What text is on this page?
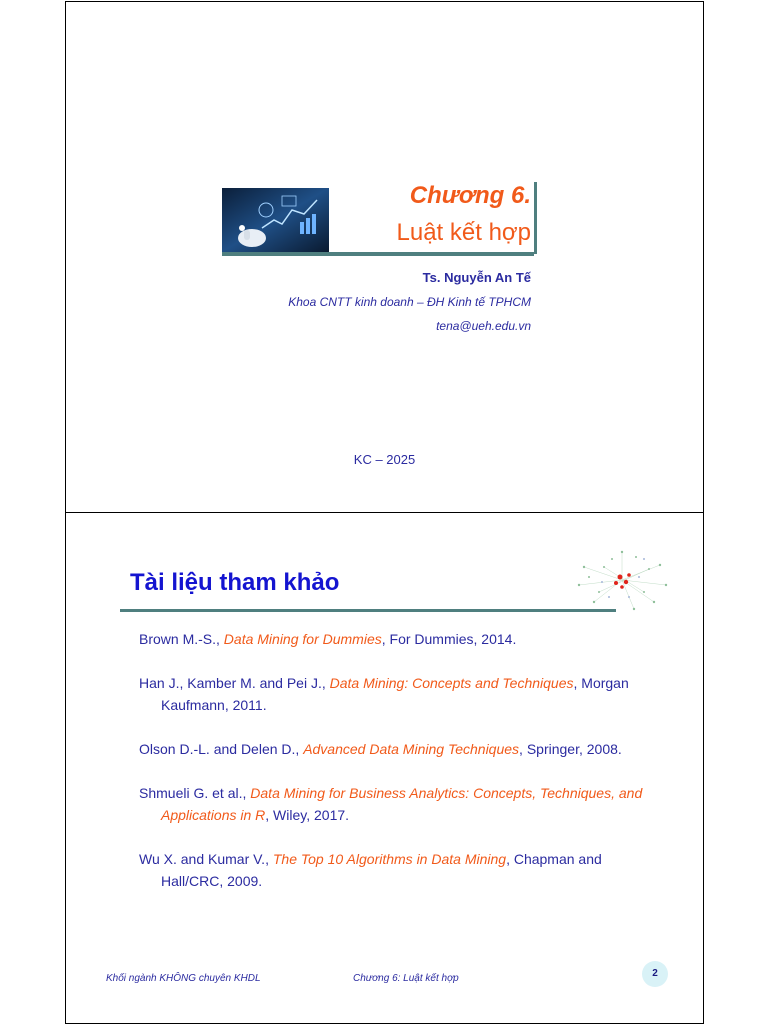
Chương 6.
Luật kết hợp
Ts. Nguyễn An Tế
Khoa CNTT kinh doanh – ĐH Kinh tế TPHCM
tena@ueh.edu.vn
KC – 2025
Tài liệu tham khảo
Brown M.-S., Data Mining for Dummies, For Dummies, 2014.
Han J., Kamber M. and Pei J., Data Mining: Concepts and Techniques, Morgan Kaufmann, 2011.
Olson D.-L. and Delen D., Advanced Data Mining Techniques, Springer, 2008.
Shmueli G. et al., Data Mining for Business Analytics: Concepts, Techniques, and Applications in R, Wiley, 2017.
Wu X. and Kumar V., The Top 10 Algorithms in Data Mining, Chapman and Hall/CRC, 2009.
Khối ngành KHÔNG chuyên KHDL	Chương 6: Luật kết hợp	2
